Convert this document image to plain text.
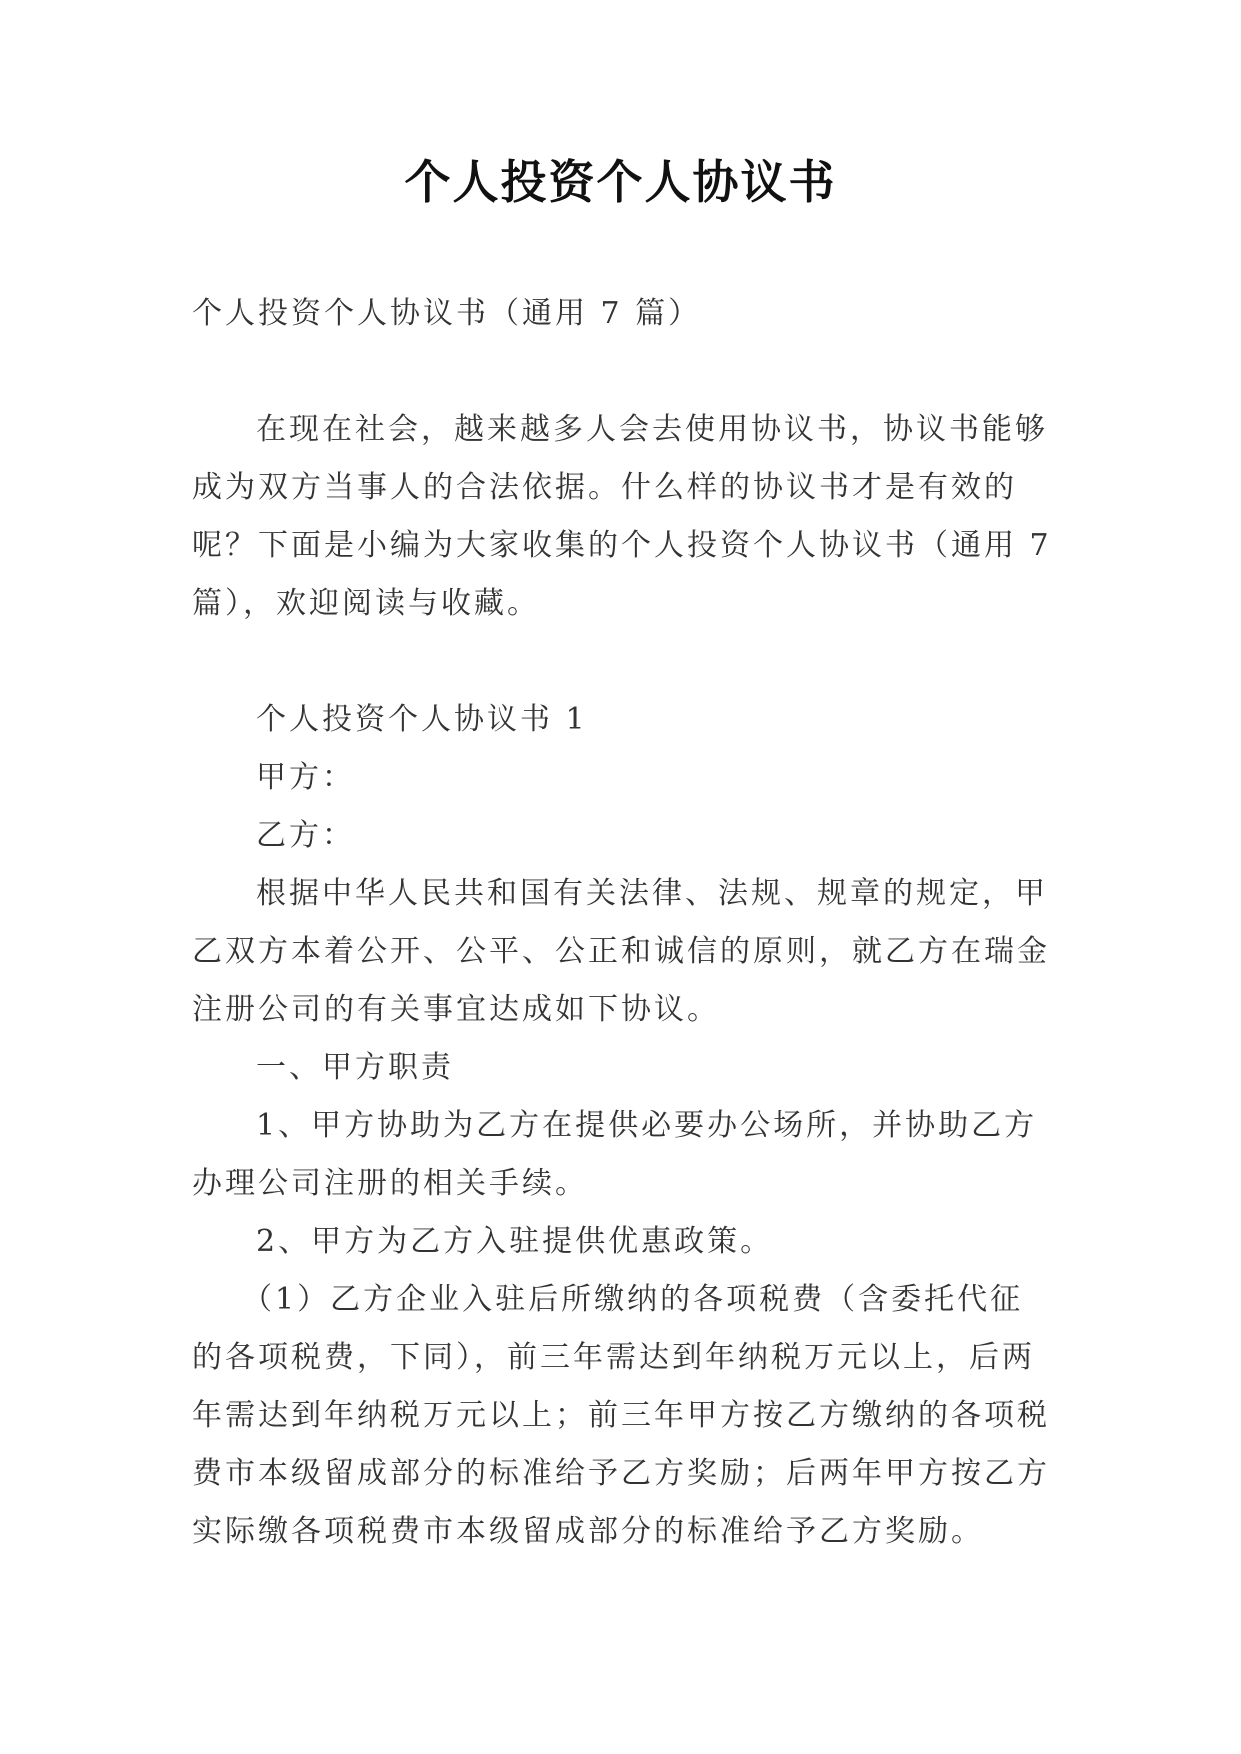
个人投资个人协议书

个人投资个人协议书（通用 7 篇）

在现在社会，越来越多人会去使用协议书，协议书能够成为双方当事人的合法依据。什么样的协议书才是有效的呢？下面是小编为大家收集的个人投资个人协议书（通用 7 篇），欢迎阅读与收藏。

个人投资个人协议书 1

甲方：

乙方：

根据中华人民共和国有关法律、法规、规章的规定，甲乙双方本着公开、公平、公正和诚信的原则，就乙方在瑞金注册公司的有关事宜达成如下协议。

一、甲方职责

1、甲方协助为乙方在提供必要办公场所，并协助乙方办理公司注册的相关手续。

2、甲方为乙方入驻提供优惠政策。

（1）乙方企业入驻后所缴纳的各项税费（含委托代征的各项税费，下同），前三年需达到年纳税万元以上，后两年需达到年纳税万元以上；前三年甲方按乙方缴纳的各项税费市本级留成部分的标准给予乙方奖励；后两年甲方按乙方实际缴各项税费市本级留成部分的标准给予乙方奖励。
